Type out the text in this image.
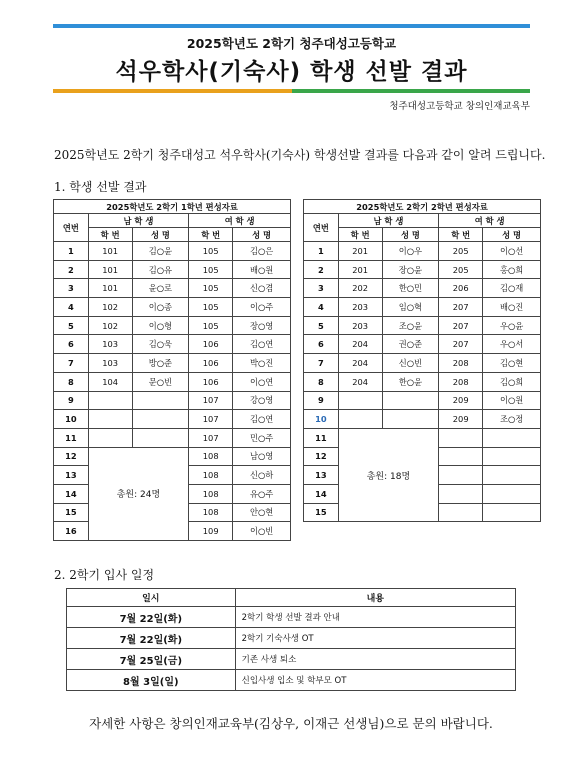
2025학년도 2학기 청주대성고등학교
석우학사(기숙사) 학생 선발 결과
청주대성고등학교 창의인재교육부
2025학년도 2학기 청주대성고 석우학사(기숙사) 학생선발 결과를 다음과 같이 알려 드립니다.
1. 학생 선발 결과
2025학년도 2학기 1학년 편성자료				
연번	남 학 생		여 학 생	
	학 번	성 명	학 번	성 명
1	101	김○윤	105	김○은
2	101	김○유	105	배○원
3	101	윤○로	105	신○겸
4	102	이○종	105	이○주
5	102	이○형	105	장○영
6	103	김○욱	106	김○연
7	103	방○준	106	박○진
8	104	문○빈	106	이○연
9			107	강○영
10			107	김○연
11			107	민○주
12	총원: 24명		108	남○영
13			108	신○하
14			108	유○주
15			108	안○현
16			109	이○빈
2025학년도 2학기 2학년 편성자료				
연번	남 학 생		여 학 생	
	학 번	성 명	학 번	성 명
1	201	이○우	205	이○선
2	201	장○윤	205	홍○희
3	202	한○민	206	김○재
4	203	임○혁	207	배○진
5	203	조○윤	207	우○윤
6	204	권○준	207	우○서
7	204	신○빈	208	김○현
8	204	한○윤	208	김○희
9			209	이○원
10			209	조○정
11	총원: 18명			
12				
13				
14				
15				
2. 2학기 입사 일정
일시	내용
7월 22일(화)	2학기 학생 선발 결과 안내
7월 22일(화)	2학기 기숙사생 OT
7월 25일(금)	기존 사생 퇴소
8월 3일(일)	신입사생 입소 및 학부모 OT
자세한 사항은 창의인재교육부(김상우, 이재근 선생님)으로 문의 바랍니다.
